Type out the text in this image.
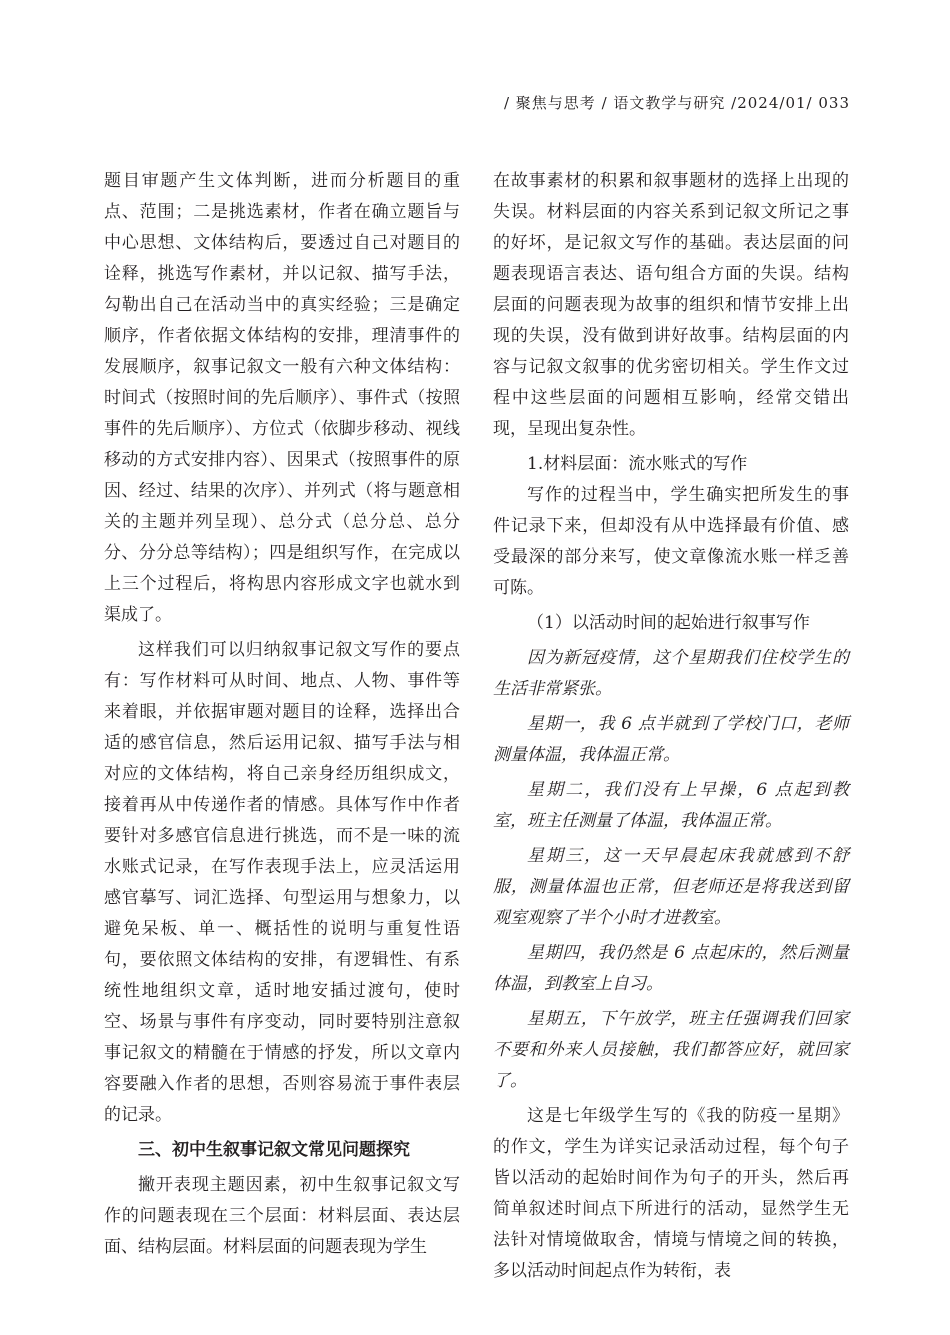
/ 聚焦与思考 / 语文教学与研究 /2024/01/ 033

题目审题产生文体判断，进而分析题目的重点、范围；二是挑选素材，作者在确立题旨与中心思想、文体结构后，要透过自己对题目的诠释，挑选写作素材，并以记叙、描写手法，勾勒出自己在活动当中的真实经验；三是确定顺序，作者依据文体结构的安排，理清事件的发展顺序，叙事记叙文一般有六种文体结构：时间式（按照时间的先后顺序）、事件式（按照事件的先后顺序）、方位式（依脚步移动、视线移动的方式安排内容）、因果式（按照事件的原因、经过、结果的次序）、并列式（将与题意相关的主题并列呈现）、总分式（总分总、总分分、分分总等结构）；四是组织写作，在完成以上三个过程后，将构思内容形成文字也就水到渠成了。

这样我们可以归纳叙事记叙文写作的要点有：写作材料可从时间、地点、人物、事件等来着眼，并依据审题对题目的诠释，选择出合适的感官信息，然后运用记叙、描写手法与相对应的文体结构，将自己亲身经历组织成文，接着再从中传递作者的情感。具体写作中作者要针对多感官信息进行挑选，而不是一味的流水账式记录，在写作表现手法上，应灵活运用感官摹写、词汇选择、句型运用与想象力，以避免呆板、单一、概括性的说明与重复性语句，要依照文体结构的安排，有逻辑性、有系统性地组织文章，适时地安插过渡句，使时空、场景与事件有序变动，同时要特别注意叙事记叙文的精髓在于情感的抒发，所以文章内容要融入作者的思想，否则容易流于事件表层的记录。

三、初中生叙事记叙文常见问题探究

撇开表现主题因素，初中生叙事记叙文写作的问题表现在三个层面：材料层面、表达层面、结构层面。材料层面的问题表现为学生

在故事素材的积累和叙事题材的选择上出现的失误。材料层面的内容关系到记叙文所记之事的好坏，是记叙文写作的基础。表达层面的问题表现语言表达、语句组合方面的失误。结构层面的问题表现为故事的组织和情节安排上出现的失误，没有做到讲好故事。结构层面的内容与记叙文叙事的优劣密切相关。学生作文过程中这些层面的问题相互影响，经常交错出现，呈现出复杂性。

1.材料层面：流水账式的写作

写作的过程当中，学生确实把所发生的事件记录下来，但却没有从中选择最有价值、感受最深的部分来写，使文章像流水账一样乏善可陈。

（1）以活动时间的起始进行叙事写作

因为新冠疫情，这个星期我们住校学生的生活非常紧张。

星期一，我 6 点半就到了学校门口，老师测量体温，我体温正常。

星期二，我们没有上早操，6 点起到教室，班主任测量了体温，我体温正常。

星期三，这一天早晨起床我就感到不舒服，测量体温也正常，但老师还是将我送到留观室观察了半个小时才进教室。

星期四，我仍然是 6 点起床的，然后测量体温，到教室上自习。

星期五，下午放学，班主任强调我们回家不要和外来人员接触，我们都答应好，就回家了。

这是七年级学生写的《我的防疫一星期》的作文，学生为详实记录活动过程，每个句子皆以活动的起始时间作为句子的开头，然后再简单叙述时间点下所进行的活动，显然学生无法针对情境做取舍，情境与情境之间的转换，多以活动时间起点作为转衔，表
